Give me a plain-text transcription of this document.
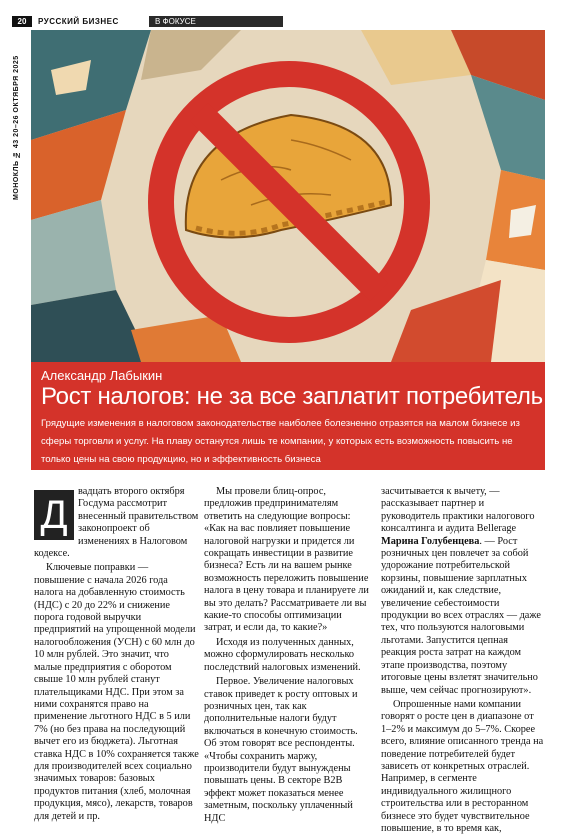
20	РУССКИЙ БИЗНЕС	В ФОКУСЕ
МОНОКЛЬ № 43 20–26 ОКТЯБРЯ 2025
Александр Лабыкин
Рост налогов: не за все заплатит потребитель
Грядущие изменения в налоговом законодательстве наиболее болезненно отразятся на малом бизнесе из сферы торговли и услуг. На плаву останутся лишь те компании, у которых есть возможность повысить не только цены на свою продукцию, но и эффективность бизнеса

Д
вадцать второго октября Госдума рассмотрит внесенный правительством законопроект об изменениях в Налоговом кодексе.

Ключевые поправки — повышение с начала 2026 года налога на добавленную стоимость (НДС) с 20 до 22% и снижение порога годовой выручки предприятий на упрощенной модели налогообложения (УСН) с 60 млн до 10 млн рублей. Это значит, что малые предприятия с оборотом свыше 10 млн рублей станут плательщиками НДС. При этом за ними сохранятся право на применение льготного НДС в 5 или 7% (но без права на последующий вычет его из бюджета). Льготная ставка НДС в 10% сохраняется также для производителей всех социально значимых товаров: базовых продуктов питания (хлеб, молочная продукция, мясо), лекарств, товаров для детей и пр.

Мы провели блиц-опрос, предложив предпринимателям ответить на следующие вопросы: «Как на вас повлияет повышение налоговой нагрузки и придется ли сокращать инвестиции в развитие бизнеса? Есть ли на вашем рынке возможность переложить повышение налога в цену товара и планируете ли вы это делать? Рассматриваете ли вы какие-то способы оптимизации затрат, и если да, то какие?»

Исходя из полученных данных, можно сформулировать несколько последствий налоговых изменений.

Первое. Увеличение налоговых ставок приведет к росту оптовых и розничных цен, так как дополнительные налоги будут включаться в конечную стоимость. Об этом говорят все респонденты. «Чтобы сохранить маржу, производители будут вынуждены повышать цены. В секторе B2B эффект может показаться менее заметным, поскольку уплаченный НДС

засчитывается к вычету, — рассказывает партнер и руководитель практики налогового консалтинга и аудита Bellerage Марина Голубенцева. — Рост розничных цен повлечет за собой удорожание потребительской корзины, повышение зарплатных ожиданий и, как следствие, увеличение себестоимости продукции во всех отраслях — даже тех, что пользуются налоговыми льготами. Запустится цепная реакция роста затрат на каждом этапе производства, поэтому итоговые цены взлетят значительно выше, чем сейчас прогнозируют».

Опрошенные нами компании говорят о росте цен в диапазоне от 1–2% и максимум до 5–7%. Скорее всего, влияние описанного тренда на поведение потребителей будет зависеть от конкретных отраслей. Например, в сегменте индивидуального жилищного строительства или в ресторанном бизнесе это будет чувствительное повышение, в то время как,
